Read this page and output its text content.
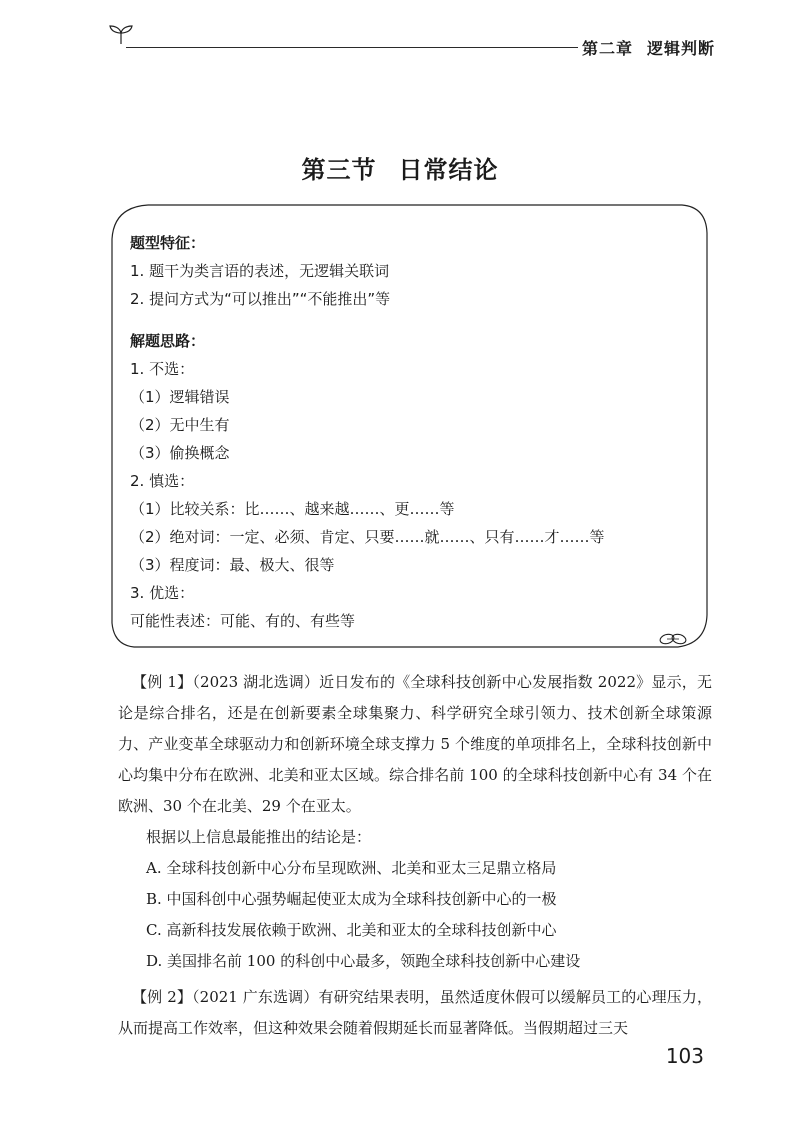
第二章 逻辑判断
第三节 日常结论
题型特征：
1. 题干为类言语的表述，无逻辑关联词
2. 提问方式为“可以推出”“不能推出”等
解题思路：
1. 不选：
（1）逻辑错误
（2）无中生有
（3）偷换概念
2. 慎选：
（1）比较关系：比……、越来越……、更……等
（2）绝对词：一定、必须、肯定、只要……就……、只有……才……等
（3）程度词：最、极大、很等
3. 优选：
可能性表述：可能、有的、有些等
【例 1】（2023 湖北选调）近日发布的《全球科技创新中心发展指数 2022》显示，无论是综合排名，还是在创新要素全球集聚力、科学研究全球引领力、技术创新全球策源力、产业变革全球驱动力和创新环境全球支撑力 5 个维度的单项排名上，全球科技创新中心均集中分布在欧洲、北美和亚太区域。综合排名前 100 的全球科技创新中心有 34 个在欧洲、30 个在北美、29 个在亚太。
根据以上信息最能推出的结论是：
A. 全球科技创新中心分布呈现欧洲、北美和亚太三足鼎立格局
B. 中国科创中心强势崛起使亚太成为全球科技创新中心的一极
C. 高新科技发展依赖于欧洲、北美和亚太的全球科技创新中心
D. 美国排名前 100 的科创中心最多，领跑全球科技创新中心建设
【例 2】（2021 广东选调）有研究结果表明，虽然适度休假可以缓解员工的心理压力，从而提高工作效率，但这种效果会随着假期延长而显著降低。当假期超过三天
103
